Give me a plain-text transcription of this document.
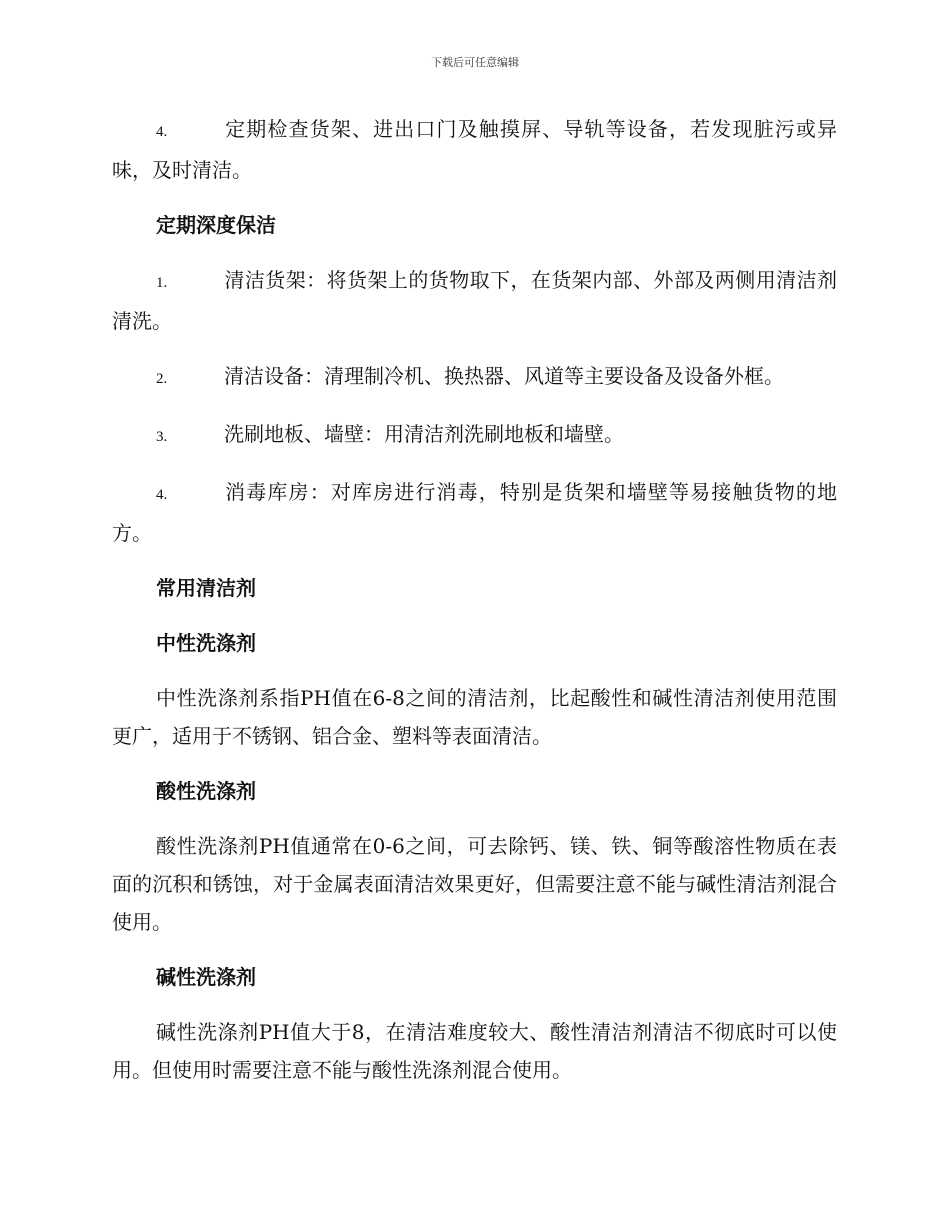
下载后可任意编辑

4.	定期检查货架、进出口门及触摸屏、导轨等设备，若发现脏污或异味，及时清洁。

定期深度保洁

1.	清洁货架：将货架上的货物取下，在货架内部、外部及两侧用清洁剂清洗。

2.	清洁设备：清理制冷机、换热器、风道等主要设备及设备外框。

3.	洗刷地板、墙壁：用清洁剂洗刷地板和墙壁。

4.	消毒库房：对库房进行消毒，特别是货架和墙壁等易接触货物的地方。

常用清洁剂

中性洗涤剂

中性洗涤剂系指PH值在6-8之间的清洁剂，比起酸性和碱性清洁剂使用范围更广，适用于不锈钢、铝合金、塑料等表面清洁。

酸性洗涤剂

酸性洗涤剂PH值通常在0-6之间，可去除钙、镁、铁、铜等酸溶性物质在表面的沉积和锈蚀，对于金属表面清洁效果更好，但需要注意不能与碱性清洁剂混合使用。

碱性洗涤剂

碱性洗涤剂PH值大于8，在清洁难度较大、酸性清洁剂清洁不彻底时可以使用。但使用时需要注意不能与酸性洗涤剂混合使用。
